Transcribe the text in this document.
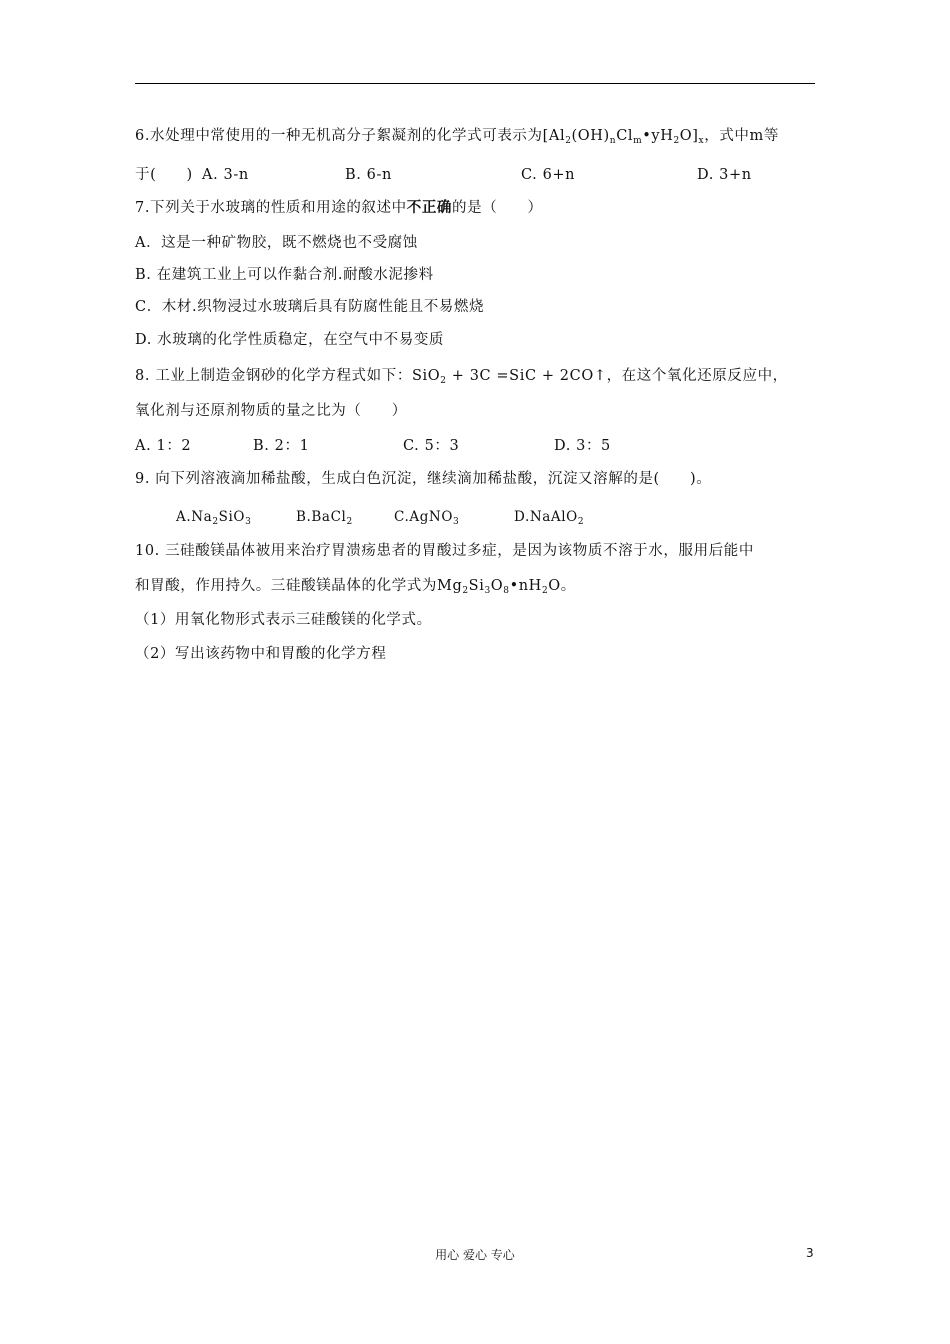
6.水处理中常使用的一种无机高分子絮凝剂的化学式可表示为$[Al_2(OH)_nCl_m•yH_2O]_x$，式中m等
于(　　) A. 3-n	B. 6-n	C. 6+n	D. 3+n
7.下列关于水玻璃的性质和用途的叙述中不正确的是（　　）
A．这是一种矿物胶，既不燃烧也不受腐蚀
B. 在建筑工业上可以作黏合剂.耐酸水泥掺料
C．木材.织物浸过水玻璃后具有防腐性能且不易燃烧
D. 水玻璃的化学性质稳定，在空气中不易变质
8. 工业上制造金钢砂的化学方程式如下：SiO$_2$ + 3C =SiC + 2CO↑，在这个氧化还原反应中，
氧化剂与还原剂物质的量之比为（　　）
A. 1：2	B. 2：1	C. 5：3	D. 3：5
9. 向下列溶液滴加稀盐酸，生成白色沉淀，继续滴加稀盐酸，沉淀又溶解的是(　　)。
$A.Na_2SiO_3$	B.BaCl$_2$	C.AgNO$_3$	D.NaAlO$_2$
10. 三硅酸镁晶体被用来治疗胃溃疡患者的胃酸过多症，是因为该物质不溶于水，服用后能中
和胃酸，作用持久。三硅酸镁晶体的化学式为$Mg_2Si_3O_8•nH_2O$。
（1）用氧化物形式表示三硅酸镁的化学式。
（2）写出该药物中和胃酸的化学方程
用心 爱心 专心	3
